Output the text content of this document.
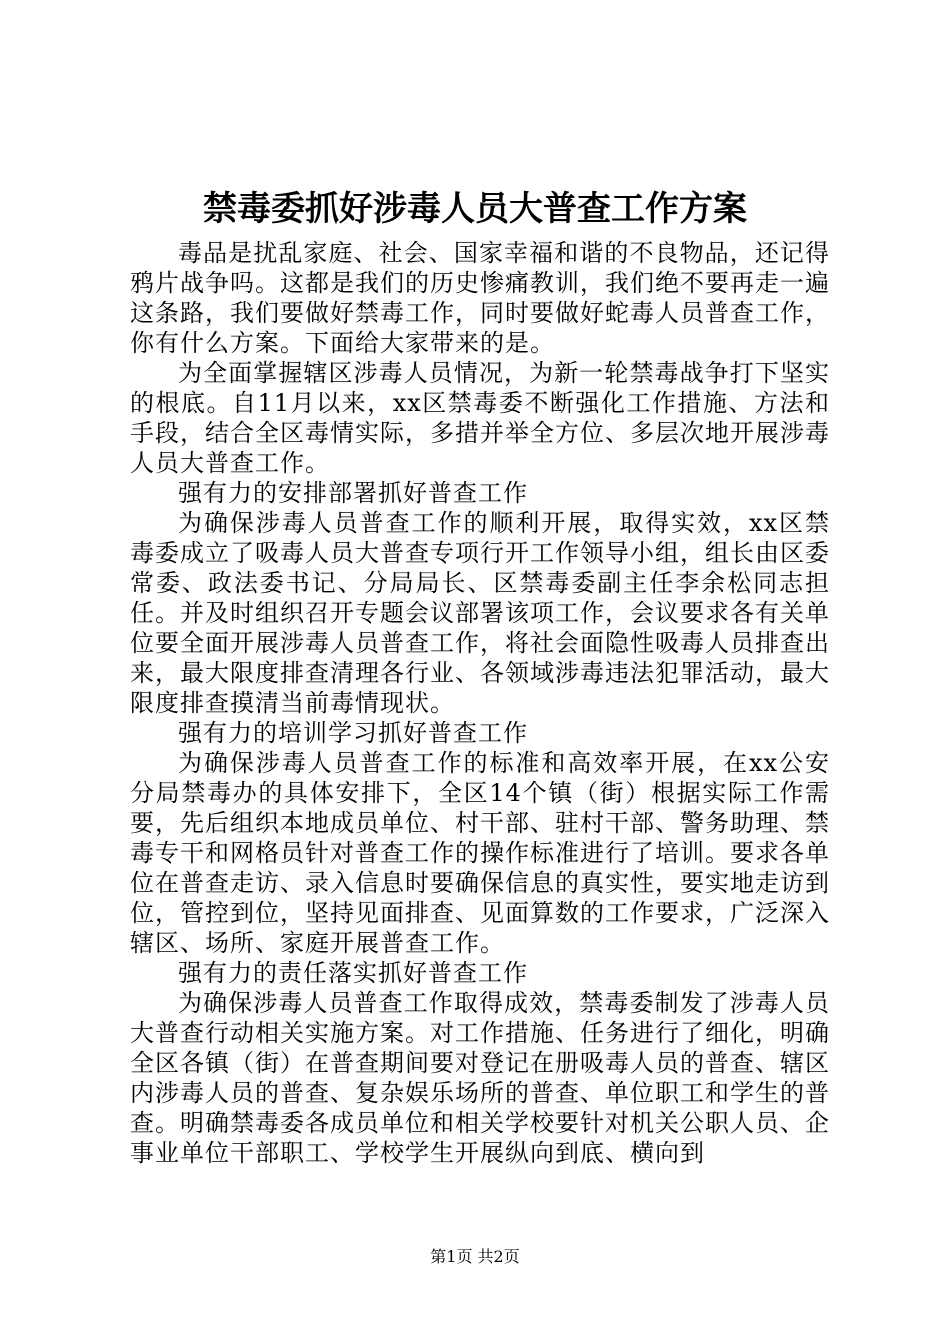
禁毒委抓好涉毒人员大普查工作方案

毒品是扰乱家庭、社会、国家幸福和谐的不良物品，还记得鸦片战争吗。这都是我们的历史惨痛教训，我们绝不要再走一遍这条路，我们要做好禁毒工作，同时要做好蛇毒人员普查工作，你有什么方案。下面给大家带来的是。

为全面掌握辖区涉毒人员情况，为新一轮禁毒战争打下坚实的根底。自11月以来，xx区禁毒委不断强化工作措施、方法和手段，结合全区毒情实际，多措并举全方位、多层次地开展涉毒人员大普查工作。

强有力的安排部署抓好普查工作

为确保涉毒人员普查工作的顺利开展，取得实效，xx区禁毒委成立了吸毒人员大普查专项行开工作领导小组，组长由区委常委、政法委书记、分局局长、区禁毒委副主任李余松同志担任。并及时组织召开专题会议部署该项工作，会议要求各有关单位要全面开展涉毒人员普查工作，将社会面隐性吸毒人员排查出来，最大限度排查清理各行业、各领域涉毒违法犯罪活动，最大限度排查摸清当前毒情现状。

强有力的培训学习抓好普查工作

为确保涉毒人员普查工作的标准和高效率开展，在xx公安分局禁毒办的具体安排下，全区14个镇（街）根据实际工作需要，先后组织本地成员单位、村干部、驻村干部、警务助理、禁毒专干和网格员针对普查工作的操作标准进行了培训。要求各单位在普查走访、录入信息时要确保信息的真实性，要实地走访到位，管控到位，坚持见面排查、见面算数的工作要求，广泛深入辖区、场所、家庭开展普查工作。

强有力的责任落实抓好普查工作

为确保涉毒人员普查工作取得成效，禁毒委制发了涉毒人员大普查行动相关实施方案。对工作措施、任务进行了细化，明确全区各镇（街）在普查期间要对登记在册吸毒人员的普查、辖区内涉毒人员的普查、复杂娱乐场所的普查、单位职工和学生的普查。明确禁毒委各成员单位和相关学校要针对机关公职人员、企事业单位干部职工、学校学生开展纵向到底、横向到

第1页 共2页
